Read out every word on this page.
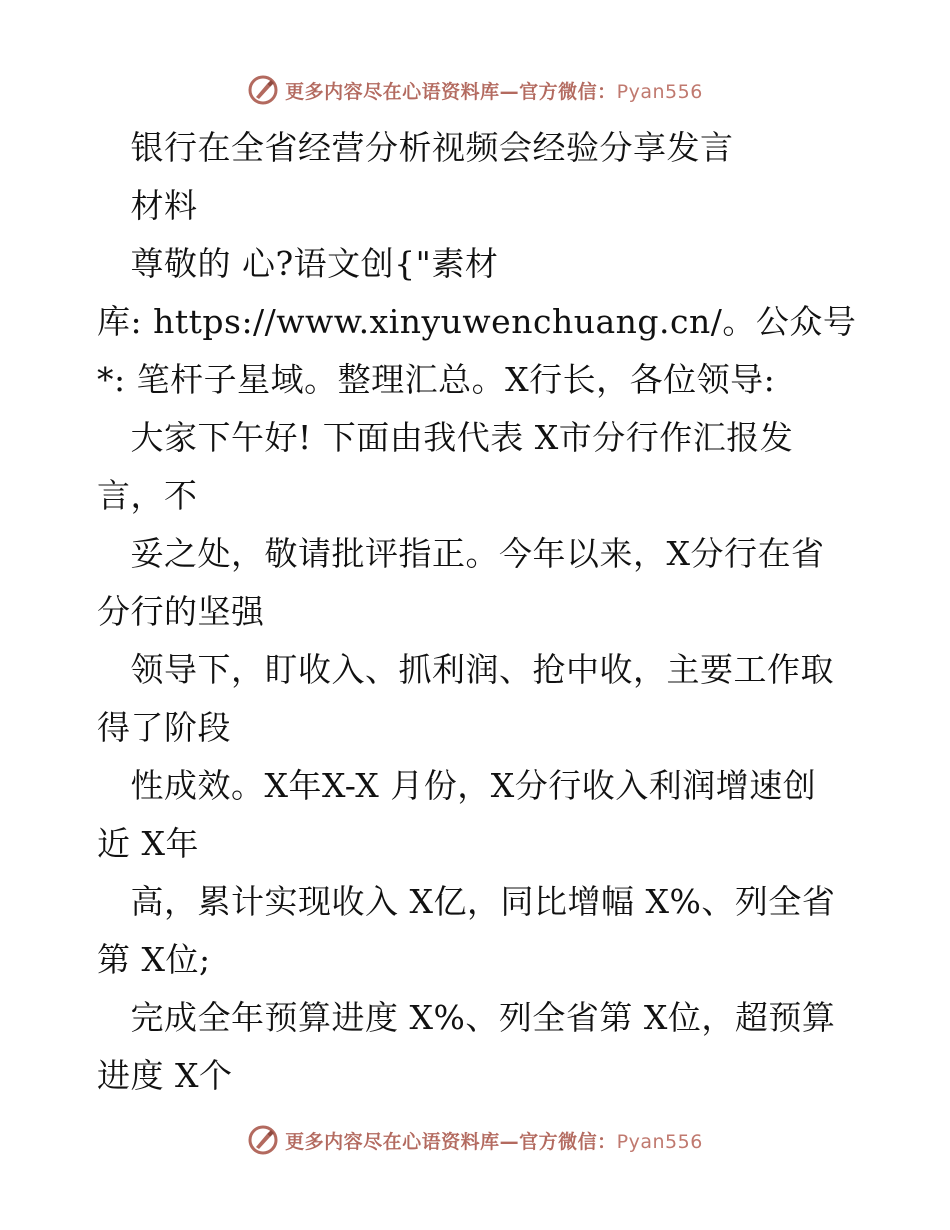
更多内容尽在心语资料库—官方微信：Pyan556
　银行在全省经营分析视频会经验分享发言
　材料
　尊敬的 心?语文创{"素材
库: https://www.xinyuwenchuang.cn/。公众号
*: 笔杆子星域。整理汇总。X行长，各位领导:
　大家下午好! 下面由我代表 X市分行作汇报发
言，不
　妥之处，敬请批评指正。今年以来，X分行在省
分行的坚强
　领导下，盯收入、抓利润、抢中收，主要工作取
得了阶段
　性成效。X年X-X 月份，X分行收入利润增速创
近 X年
　高，累计实现收入 X亿，同比增幅 X%、列全省
第 X位;
　完成全年预算进度 X%、列全省第 X位，超预算
进度 X个
更多内容尽在心语资料库—官方微信：Pyan556
